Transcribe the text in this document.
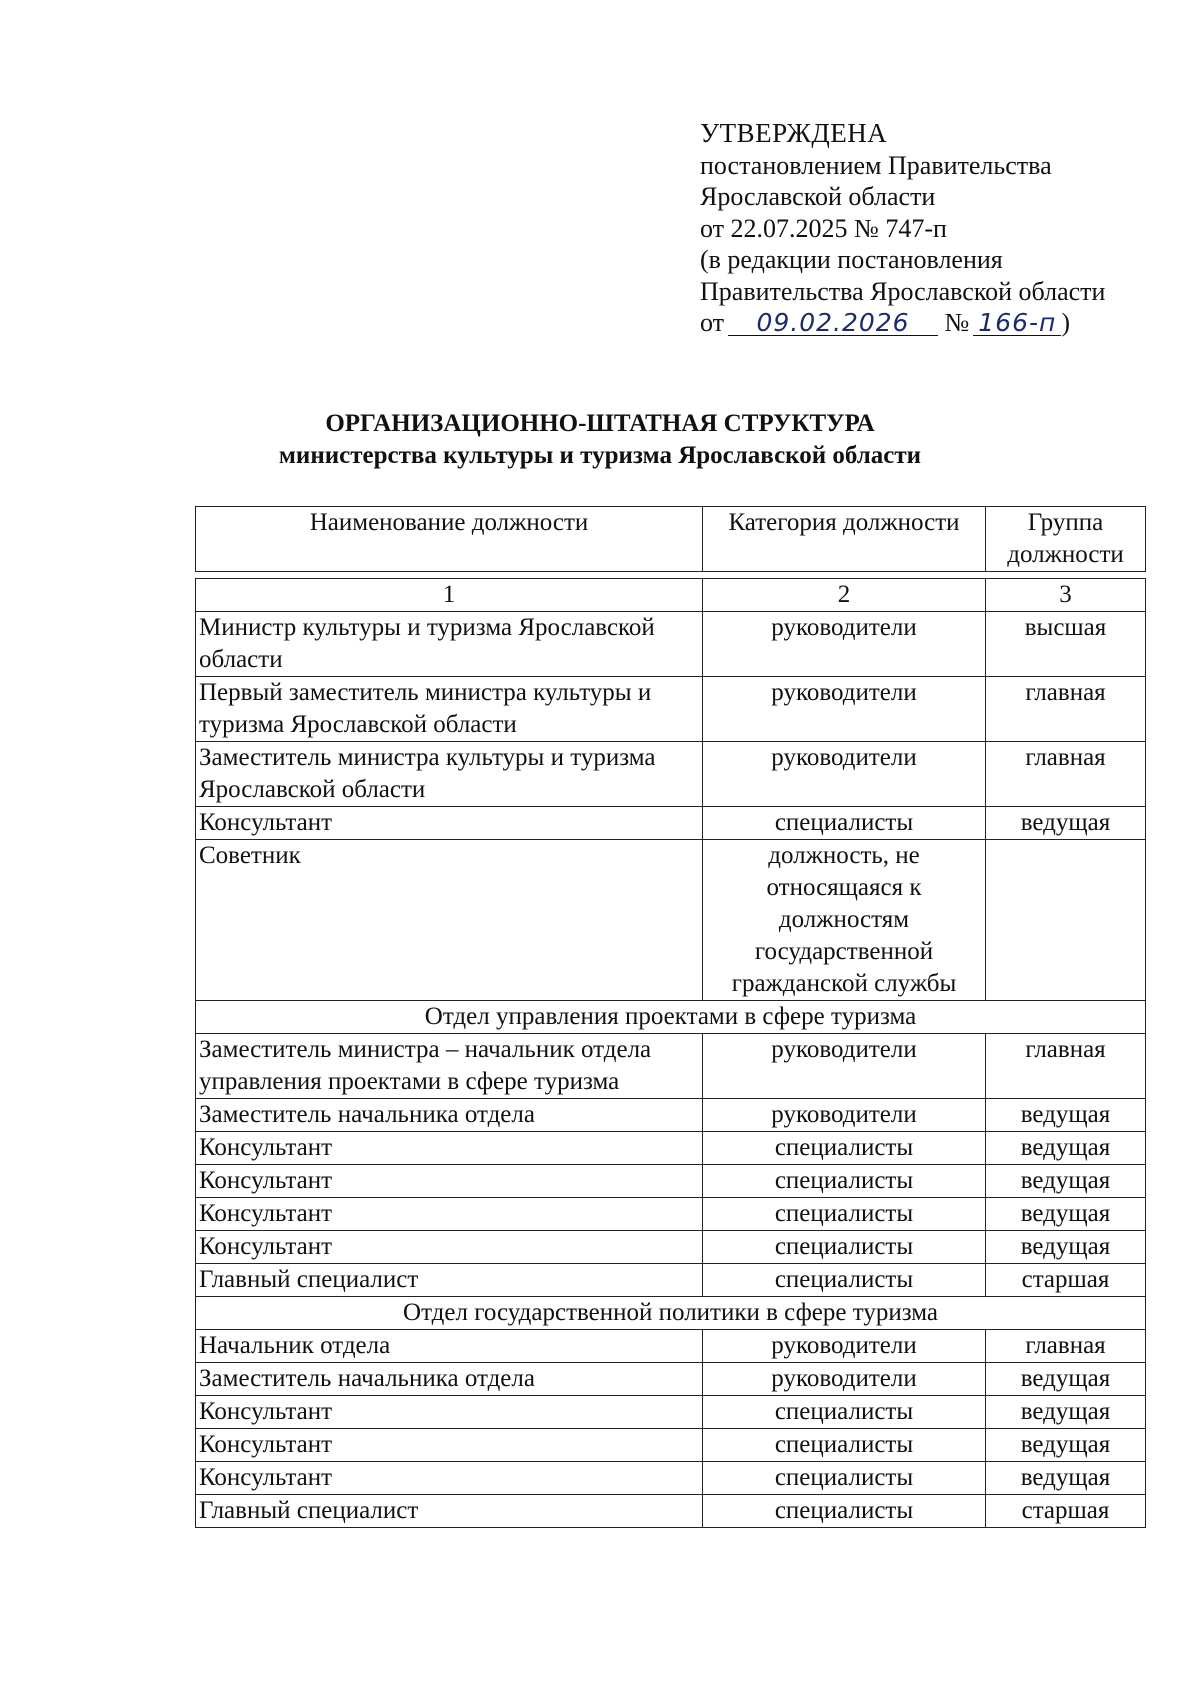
УТВЕРЖДЕНА
постановлением Правительства
Ярославской области
от 22.07.2025 № 747-п
(в редакции постановления
Правительства Ярославской области
от 09.02.2026 № 166-п )
ОРГАНИЗАЦИОННО-ШТАТНАЯ СТРУКТУРА
министерства культуры и туризма Ярославской области
Наименование должности	Категория должности	Группа должности

1	2	3
Министр культуры и туризма Ярославской области	руководители	высшая
Первый заместитель министра культуры и туризма Ярославской области	руководители	главная
Заместитель министра культуры и туризма Ярославской области	руководители	главная
Консультант	специалисты	ведущая
Советник	должность, не относящаяся к должностям государственной гражданской службы	
Отдел управления проектами в сфере туризма		
Заместитель министра – начальник отдела управления проектами в сфере туризма	руководители	главная
Заместитель начальника отдела	руководители	ведущая
Консультант	специалисты	ведущая
Консультант	специалисты	ведущая
Консультант	специалисты	ведущая
Консультант	специалисты	ведущая
Главный специалист	специалисты	старшая
Отдел государственной политики в сфере туризма		
Начальник отдела	руководители	главная
Заместитель начальника отдела	руководители	ведущая
Консультант	специалисты	ведущая
Консультант	специалисты	ведущая
Консультант	специалисты	ведущая
Главный специалист	специалисты	старшая
